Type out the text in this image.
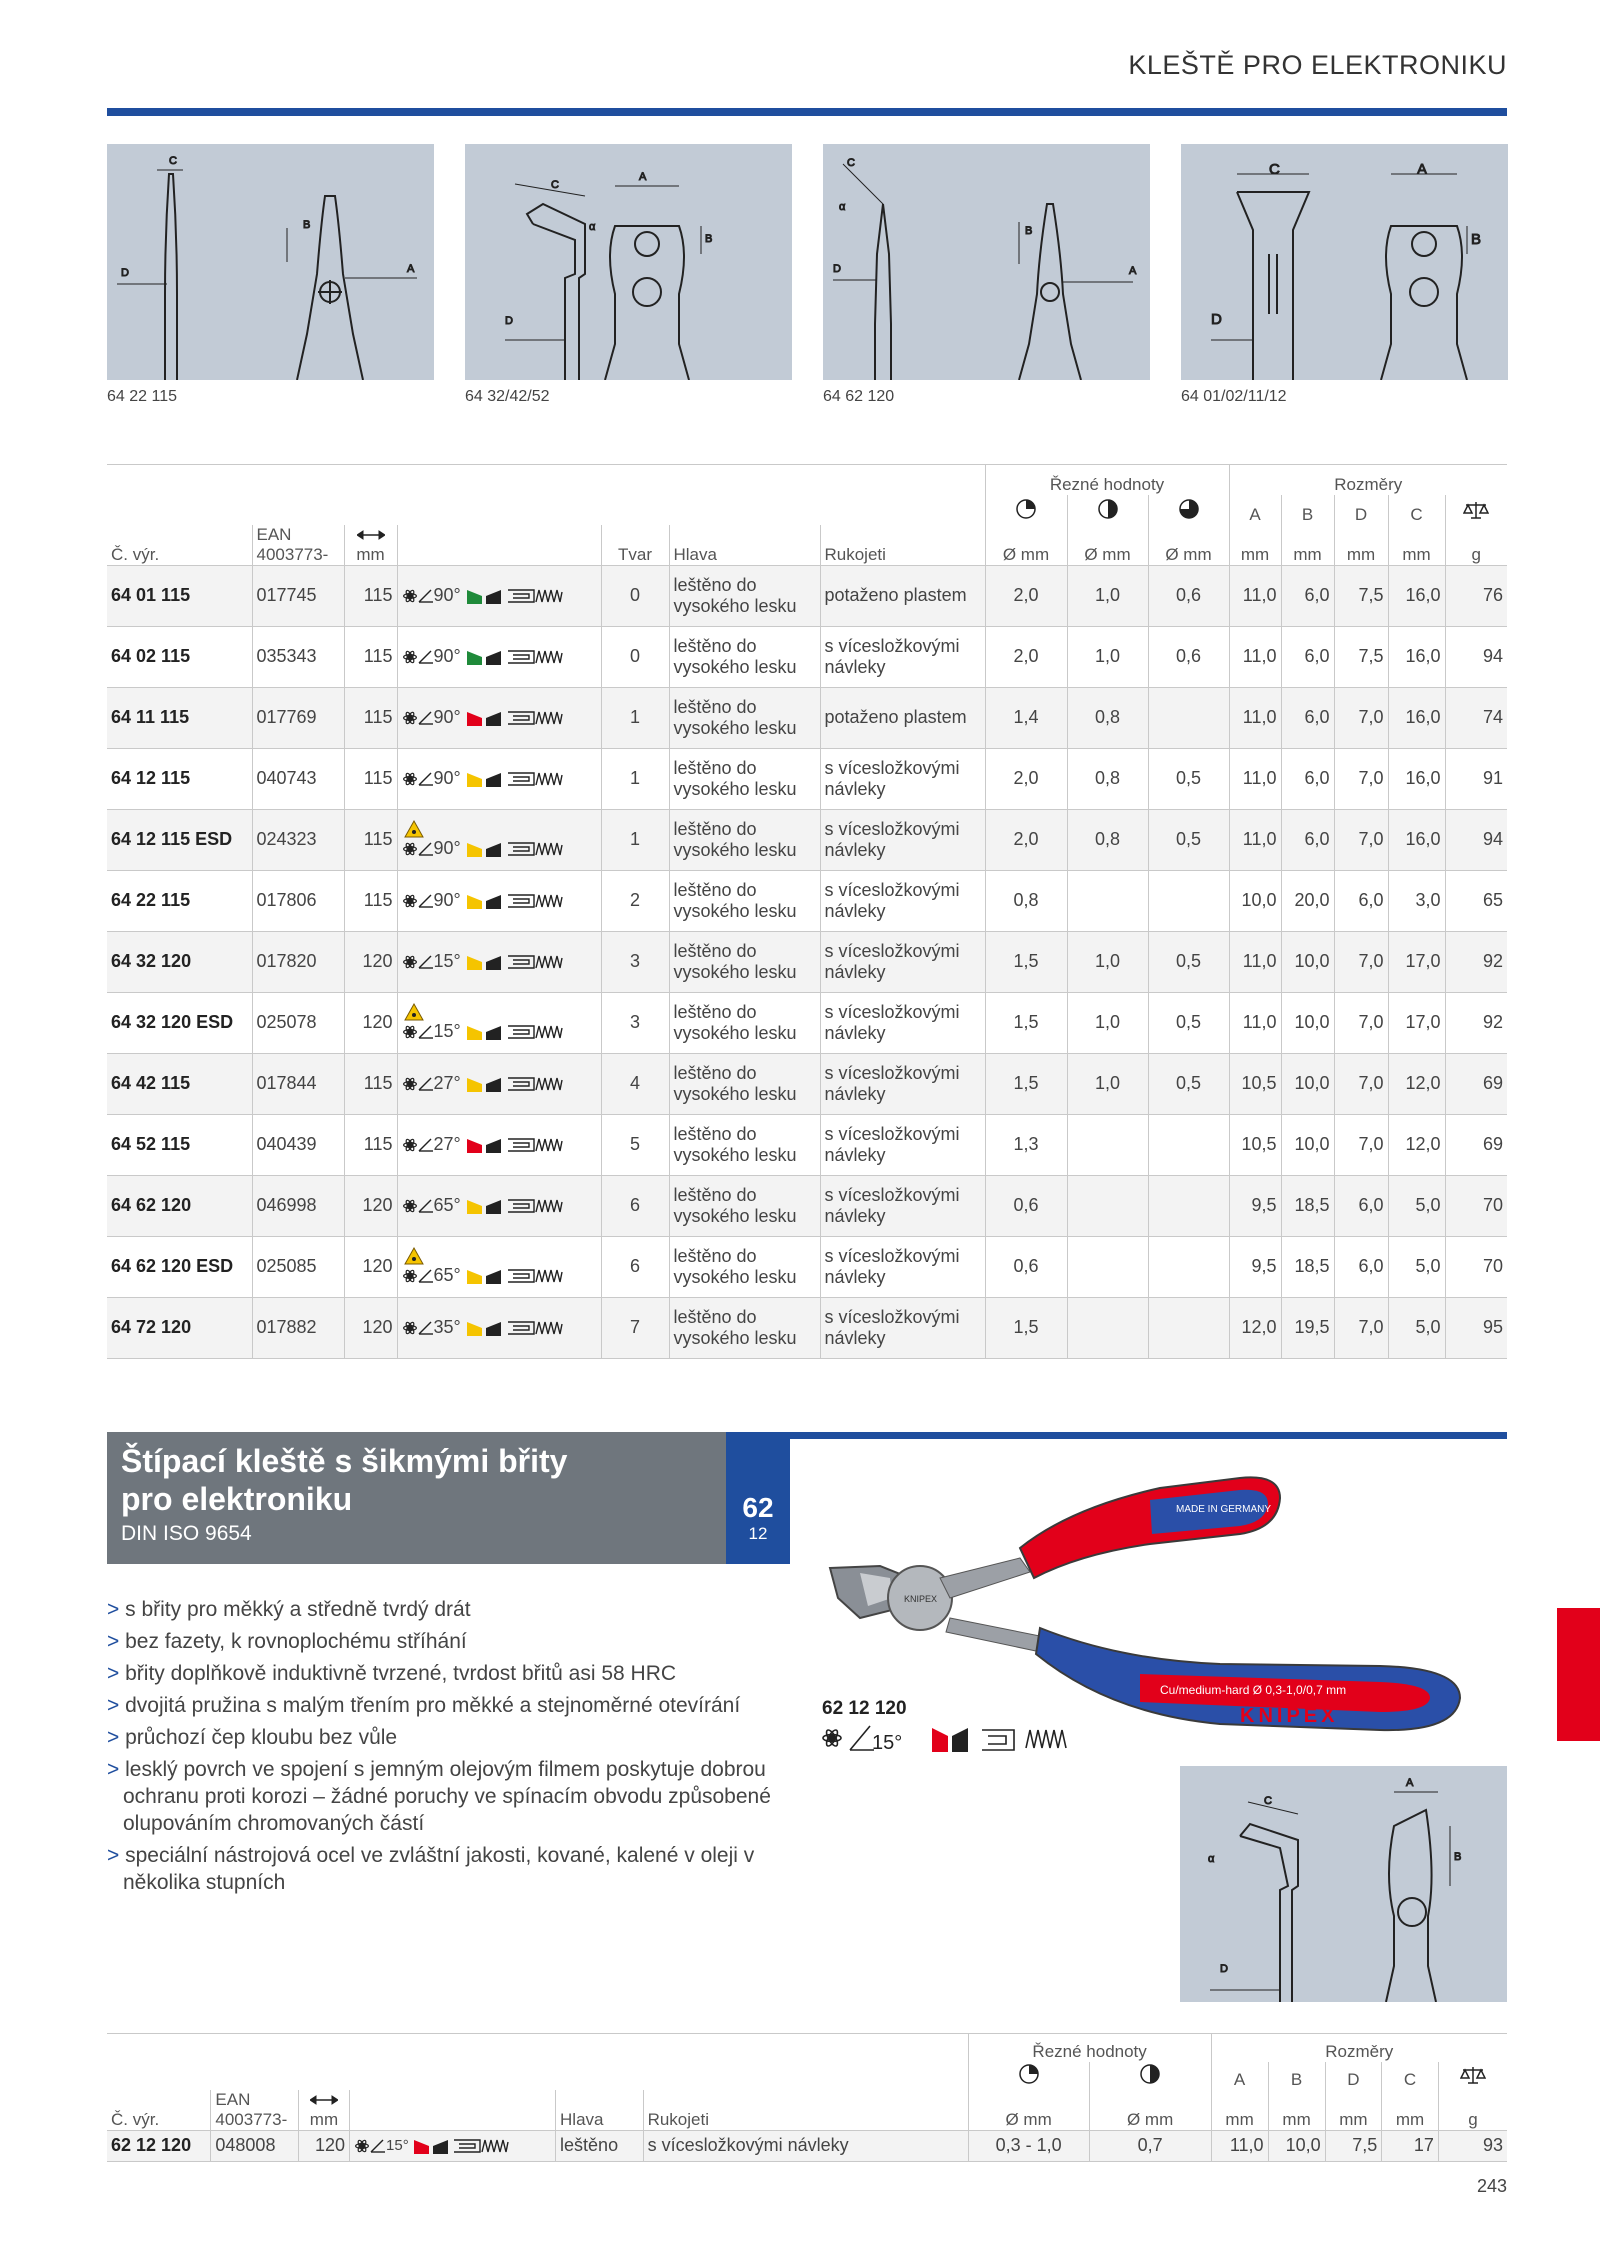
KLEŠTĚ PRO ELEKTRONIKU
C
B
D	A
64 22 115
C
α
A
B
D
64 32/42/52
C
α
B
D	A
64 62 120
C	A
B
D
64 01/02/11/12
							Řezné hodnoty			Rozměry				
				A	B	D	C	
Č. výr.	EAN
4003773-	mm		Tvar	Hlava	Rukojeti	Ø mm	Ø mm	Ø mm	mm	mm	mm	mm	g
64 01 115	017745	115	90°	0	leštěno do vysokého lesku	potaženo plastem	2,0	1,0	0,6	11,0	6,0	7,5	16,0	76
64 02 115	035343	115	90°	0	leštěno do vysokého lesku	s vícesložkovými návleky	2,0	1,0	0,6	11,0	6,0	7,5	16,0	94
64 11 115	017769	115	90°	1	leštěno do vysokého lesku	potaženo plastem	1,4	0,8		11,0	6,0	7,0	16,0	74
64 12 115	040743	115	90°	1	leštěno do vysokého lesku	s vícesložkovými návleky	2,0	0,8	0,5	11,0	6,0	7,0	16,0	91
64 12 115 ESD	024323	115	90°	1	leštěno do vysokého lesku	s vícesložkovými návleky	2,0	0,8	0,5	11,0	6,0	7,0	16,0	94
64 22 115	017806	115	90°	2	leštěno do vysokého lesku	s vícesložkovými návleky	0,8			10,0	20,0	6,0	3,0	65
64 32 120	017820	120	15°	3	leštěno do vysokého lesku	s vícesložkovými návleky	1,5	1,0	0,5	11,0	10,0	7,0	17,0	92
64 32 120 ESD	025078	120	15°	3	leštěno do vysokého lesku	s vícesložkovými návleky	1,5	1,0	0,5	11,0	10,0	7,0	17,0	92
64 42 115	017844	115	27°	4	leštěno do vysokého lesku	s vícesložkovými návleky	1,5	1,0	0,5	10,5	10,0	7,0	12,0	69
64 52 115	040439	115	27°	5	leštěno do vysokého lesku	s vícesložkovými návleky	1,3			10,5	10,0	7,0	12,0	69
64 62 120	046998	120	65°	6	leštěno do vysokého lesku	s vícesložkovými návleky	0,6			9,5	18,5	6,0	5,0	70
64 62 120 ESD	025085	120	65°	6	leštěno do vysokého lesku	s vícesložkovými návleky	0,6			9,5	18,5	6,0	5,0	70
64 72 120	017882	120	35°	7	leštěno do vysokého lesku	s vícesložkovými návleky	1,5			12,0	19,5	7,0	5,0	95
Štípací kleště s šikmými břity
pro elektroniku
DIN ISO 9654
62
12
> s břity pro měkký a středně tvrdý drát
> bez fazety, k rovnoplochému stříhání
> břity doplňkově induktivně tvrzené, tvrdost břitů asi 58 HRC
> dvojitá pružina s malým třením pro měkké a stejnoměrné otevírání
> průchozí čep kloubu bez vůle
> lesklý povrch ve spojení s jemným olejovým filmem poskytuje dobrou ochranu proti korozi – žádné poruchy ve spínacím obvodu způsobené olupováním chromovaných částí
> speciální nástrojová ocel ve zvláštní jakosti, kované, kalené v oleji v několika stupních
KNIPEX
62 12 120
MADE IN GERMANY
Cu/medium-hard Ø 0,3-1,0/0,7 mm
KNIPEX
62 12 120
15°
C
α
A
B
D
						Řezné hodnoty		Rozměry				
			A	B	D	C	
Č. výr.	EAN
4003773-	mm		Hlava	Rukojeti	Ø mm	Ø mm	mm	mm	mm	mm	g
62 12 120	048008	120	15°	leštěno	s vícesložkovými návleky	0,3 - 1,0	0,7	11,0	10,0	7,5	17	93
243
